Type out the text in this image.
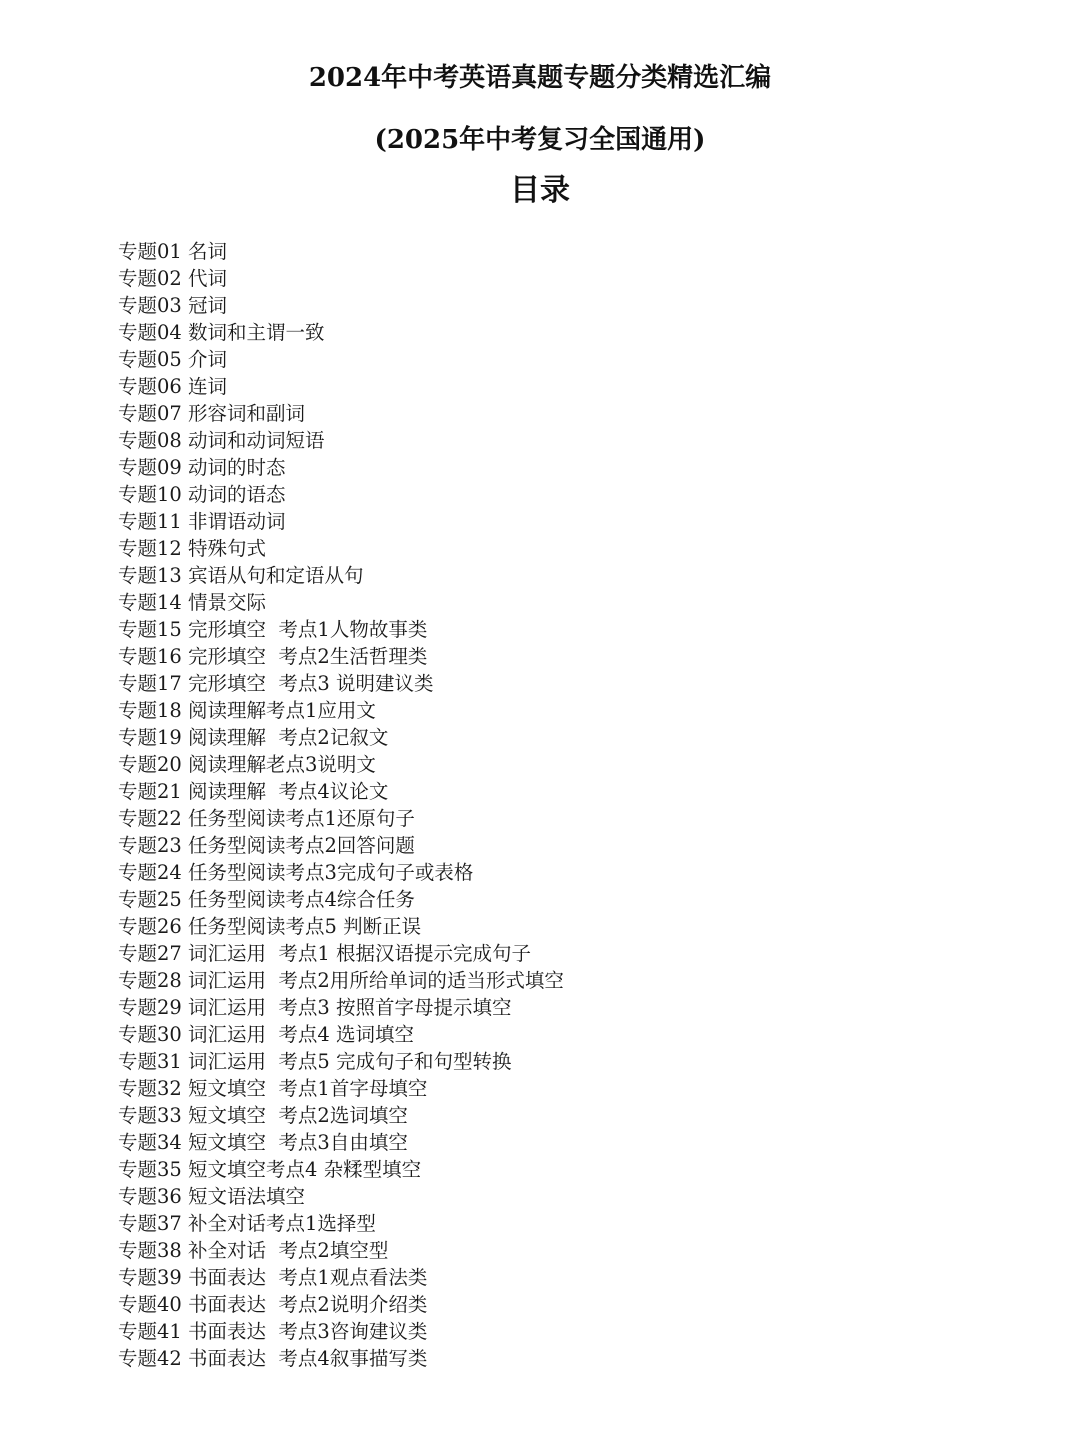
2024年中考英语真题专题分类精选汇编
(2025年中考复习全国通用)
目录
专题01 名词
专题02 代词
专题03 冠词
专题04 数词和主谓一致
专题05 介词
专题06 连词
专题07 形容词和副词
专题08 动词和动词短语
专题09 动词的时态
专题10 动词的语态
专题11 非谓语动词
专题12 特殊句式
专题13 宾语从句和定语从句
专题14 情景交际
专题15 完形填空  考点1人物故事类
专题16 完形填空  考点2生活哲理类
专题17 完形填空  考点3 说明建议类
专题18 阅读理解考点1应用文
专题19 阅读理解  考点2记叙文
专题20 阅读理解老点3说明文
专题21 阅读理解  考点4议论文
专题22 任务型阅读考点1还原句子
专题23 任务型阅读考点2回答问题
专题24 任务型阅读考点3完成句子或表格
专题25 任务型阅读考点4综合任务
专题26 任务型阅读考点5 判断正误
专题27 词汇运用  考点1 根据汉语提示完成句子
专题28 词汇运用  考点2用所给单词的适当形式填空
专题29 词汇运用  考点3 按照首字母提示填空
专题30 词汇运用  考点4 选词填空
专题31 词汇运用  考点5 完成句子和句型转换
专题32 短文填空  考点1首字母填空
专题33 短文填空  考点2选词填空
专题34 短文填空  考点3自由填空
专题35 短文填空考点4 杂糅型填空
专题36 短文语法填空
专题37 补全对话考点1选择型
专题38 补全对话  考点2填空型
专题39 书面表达  考点1观点看法类
专题40 书面表达  考点2说明介绍类
专题41 书面表达  考点3咨询建议类
专题42 书面表达  考点4叙事描写类
